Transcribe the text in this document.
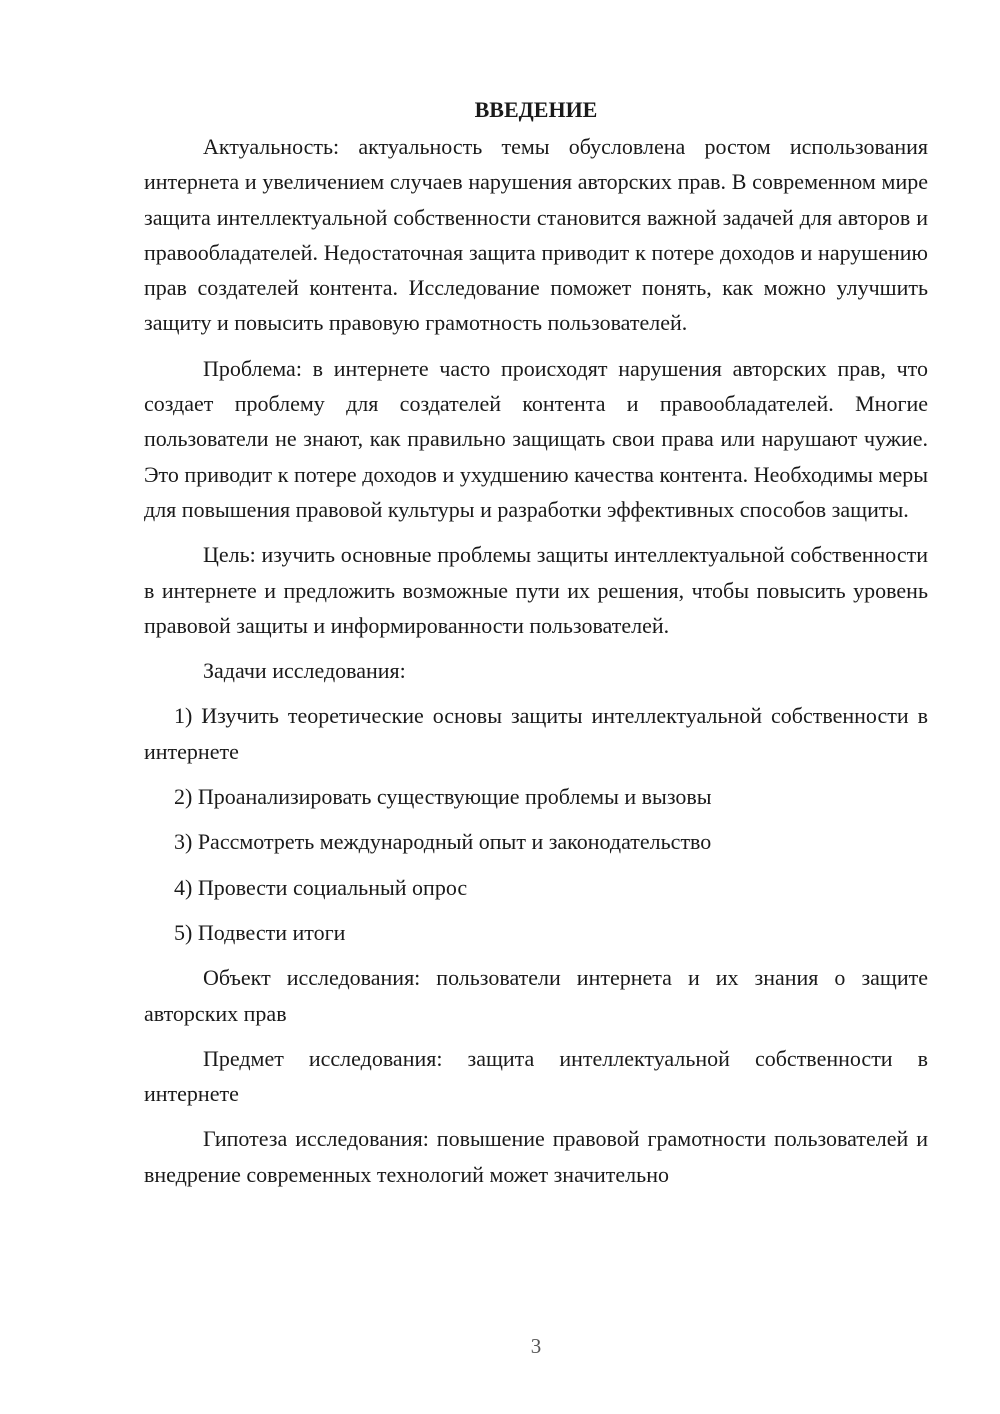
ВВЕДЕНИЕ

Актуальность: актуальность темы обусловлена ростом использования интернета и увеличением случаев нарушения авторских прав. В современном мире защита интеллектуальной собственности становится важной задачей для авторов и правообладателей. Недостаточная защита приводит к потере доходов и нарушению прав создателей контента. Исследование поможет понять, как можно улучшить защиту и повысить правовую грамотность пользователей.

Проблема: в интернете часто происходят нарушения авторских прав, что создает проблему для создателей контента и правообладателей. Многие пользователи не знают, как правильно защищать свои права или нарушают чужие. Это приводит к потере доходов и ухудшению качества контента. Необходимы меры для повышения правовой культуры и разработки эффективных способов защиты.

Цель: изучить основные проблемы защиты интеллектуальной собственности в интернете и предложить возможные пути их решения, чтобы повысить уровень правовой защиты и информированности пользователей.

Задачи исследования:

1) Изучить теоретические основы защиты интеллектуальной собственности в интернете

2) Проанализировать существующие проблемы и вызовы

3) Рассмотреть международный опыт и законодательство

4) Провести социальный опрос

5) Подвести итоги

Объект исследования: пользователи интернета и их знания о защите авторских прав

Предмет исследования: защита интеллектуальной собственности в интернете

Гипотеза исследования: повышение правовой грамотности пользователей и внедрение современных технологий может значительно

3
